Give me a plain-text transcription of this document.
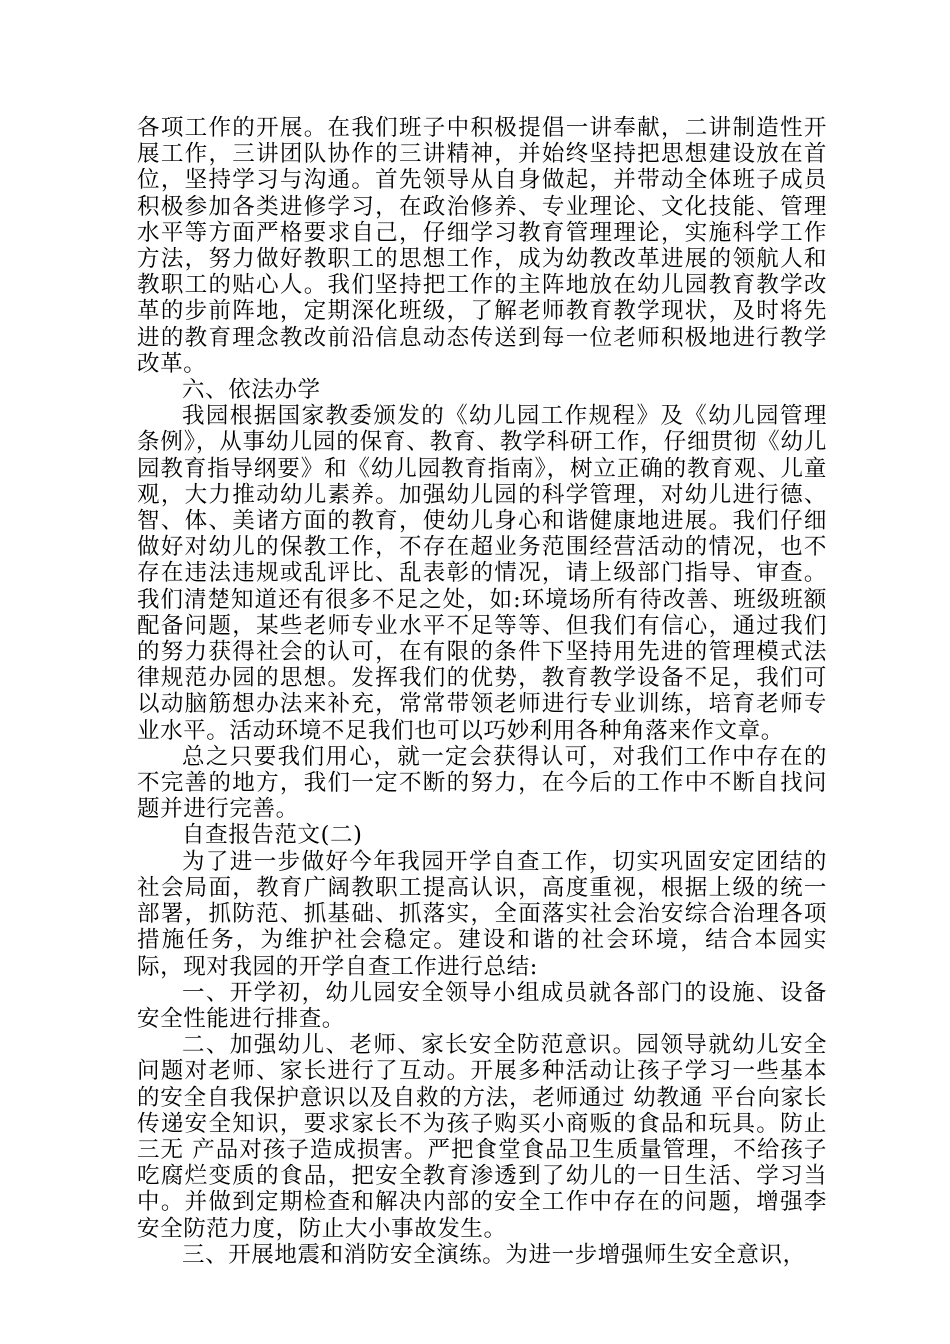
各项工作的开展。在我们班子中积极提倡一讲奉献，二讲制造性开展工作，三讲团队协作的三讲精神，并始终坚持把思想建设放在首位，坚持学习与沟通。首先领导从自身做起，并带动全体班子成员积极参加各类进修学习，在政治修养、专业理论、文化技能、管理水平等方面严格要求自己，仔细学习教育管理理论，实施科学工作方法，努力做好教职工的思想工作，成为幼教改革进展的领航人和教职工的贴心人。我们坚持把工作的主阵地放在幼儿园教育教学改革的步前阵地，定期深化班级，了解老师教育教学现状，及时将先进的教育理念教改前沿信息动态传送到每一位老师积极地进行教学改革。

六、依法办学

我园根据国家教委颁发的《幼儿园工作规程》及《幼儿园管理条例》，从事幼儿园的保育、教育、教学科研工作，仔细贯彻《幼儿园教育指导纲要》和《幼儿园教育指南》，树立正确的教育观、儿童观，大力推动幼儿素养。加强幼儿园的科学管理，对幼儿进行德、智、体、美诸方面的教育，使幼儿身心和谐健康地进展。我们仔细做好对幼儿的保教工作，不存在超业务范围经营活动的情况，也不存在违法违规或乱评比、乱表彰的情况，请上级部门指导、审查。我们清楚知道还有很多不足之处，如:环境场所有待改善、班级班额配备问题，某些老师专业水平不足等等、但我们有信心，通过我们的努力获得社会的认可，在有限的条件下坚持用先进的管理模式法律规范办园的思想。发挥我们的优势，教育教学设备不足，我们可以动脑筋想办法来补充，常常带领老师进行专业训练，培育老师专业水平。活动环境不足我们也可以巧妙利用各种角落来作文章。

总之只要我们用心，就一定会获得认可，对我们工作中存在的不完善的地方，我们一定不断的努力，在今后的工作中不断自找问题并进行完善。

自查报告范文(二)

为了进一步做好今年我园开学自查工作，切实巩固安定团结的社会局面，教育广阔教职工提高认识，高度重视，根据上级的统一部署，抓防范、抓基础、抓落实，全面落实社会治安综合治理各项措施任务，为维护社会稳定。建设和谐的社会环境，结合本园实际，现对我园的开学自查工作进行总结:

一、开学初，幼儿园安全领导小组成员就各部门的设施、设备安全性能进行排查。

二、加强幼儿、老师、家长安全防范意识。园领导就幼儿安全问题对老师、家长进行了互动。开展多种活动让孩子学习一些基本的安全自我保护意识以及自救的方法，老师通过 幼教通 平台向家长传递安全知识，要求家长不为孩子购买小商贩的食品和玩具。防止 三无 产品对孩子造成损害。严把食堂食品卫生质量管理，不给孩子吃腐烂变质的食品，把安全教育渗透到了幼儿的一日生活、学习当中。并做到定期检查和解决内部的安全工作中存在的问题，增强李安全防范力度，防止大小事故发生。

三、开展地震和消防安全演练。为进一步增强师生安全意识，
